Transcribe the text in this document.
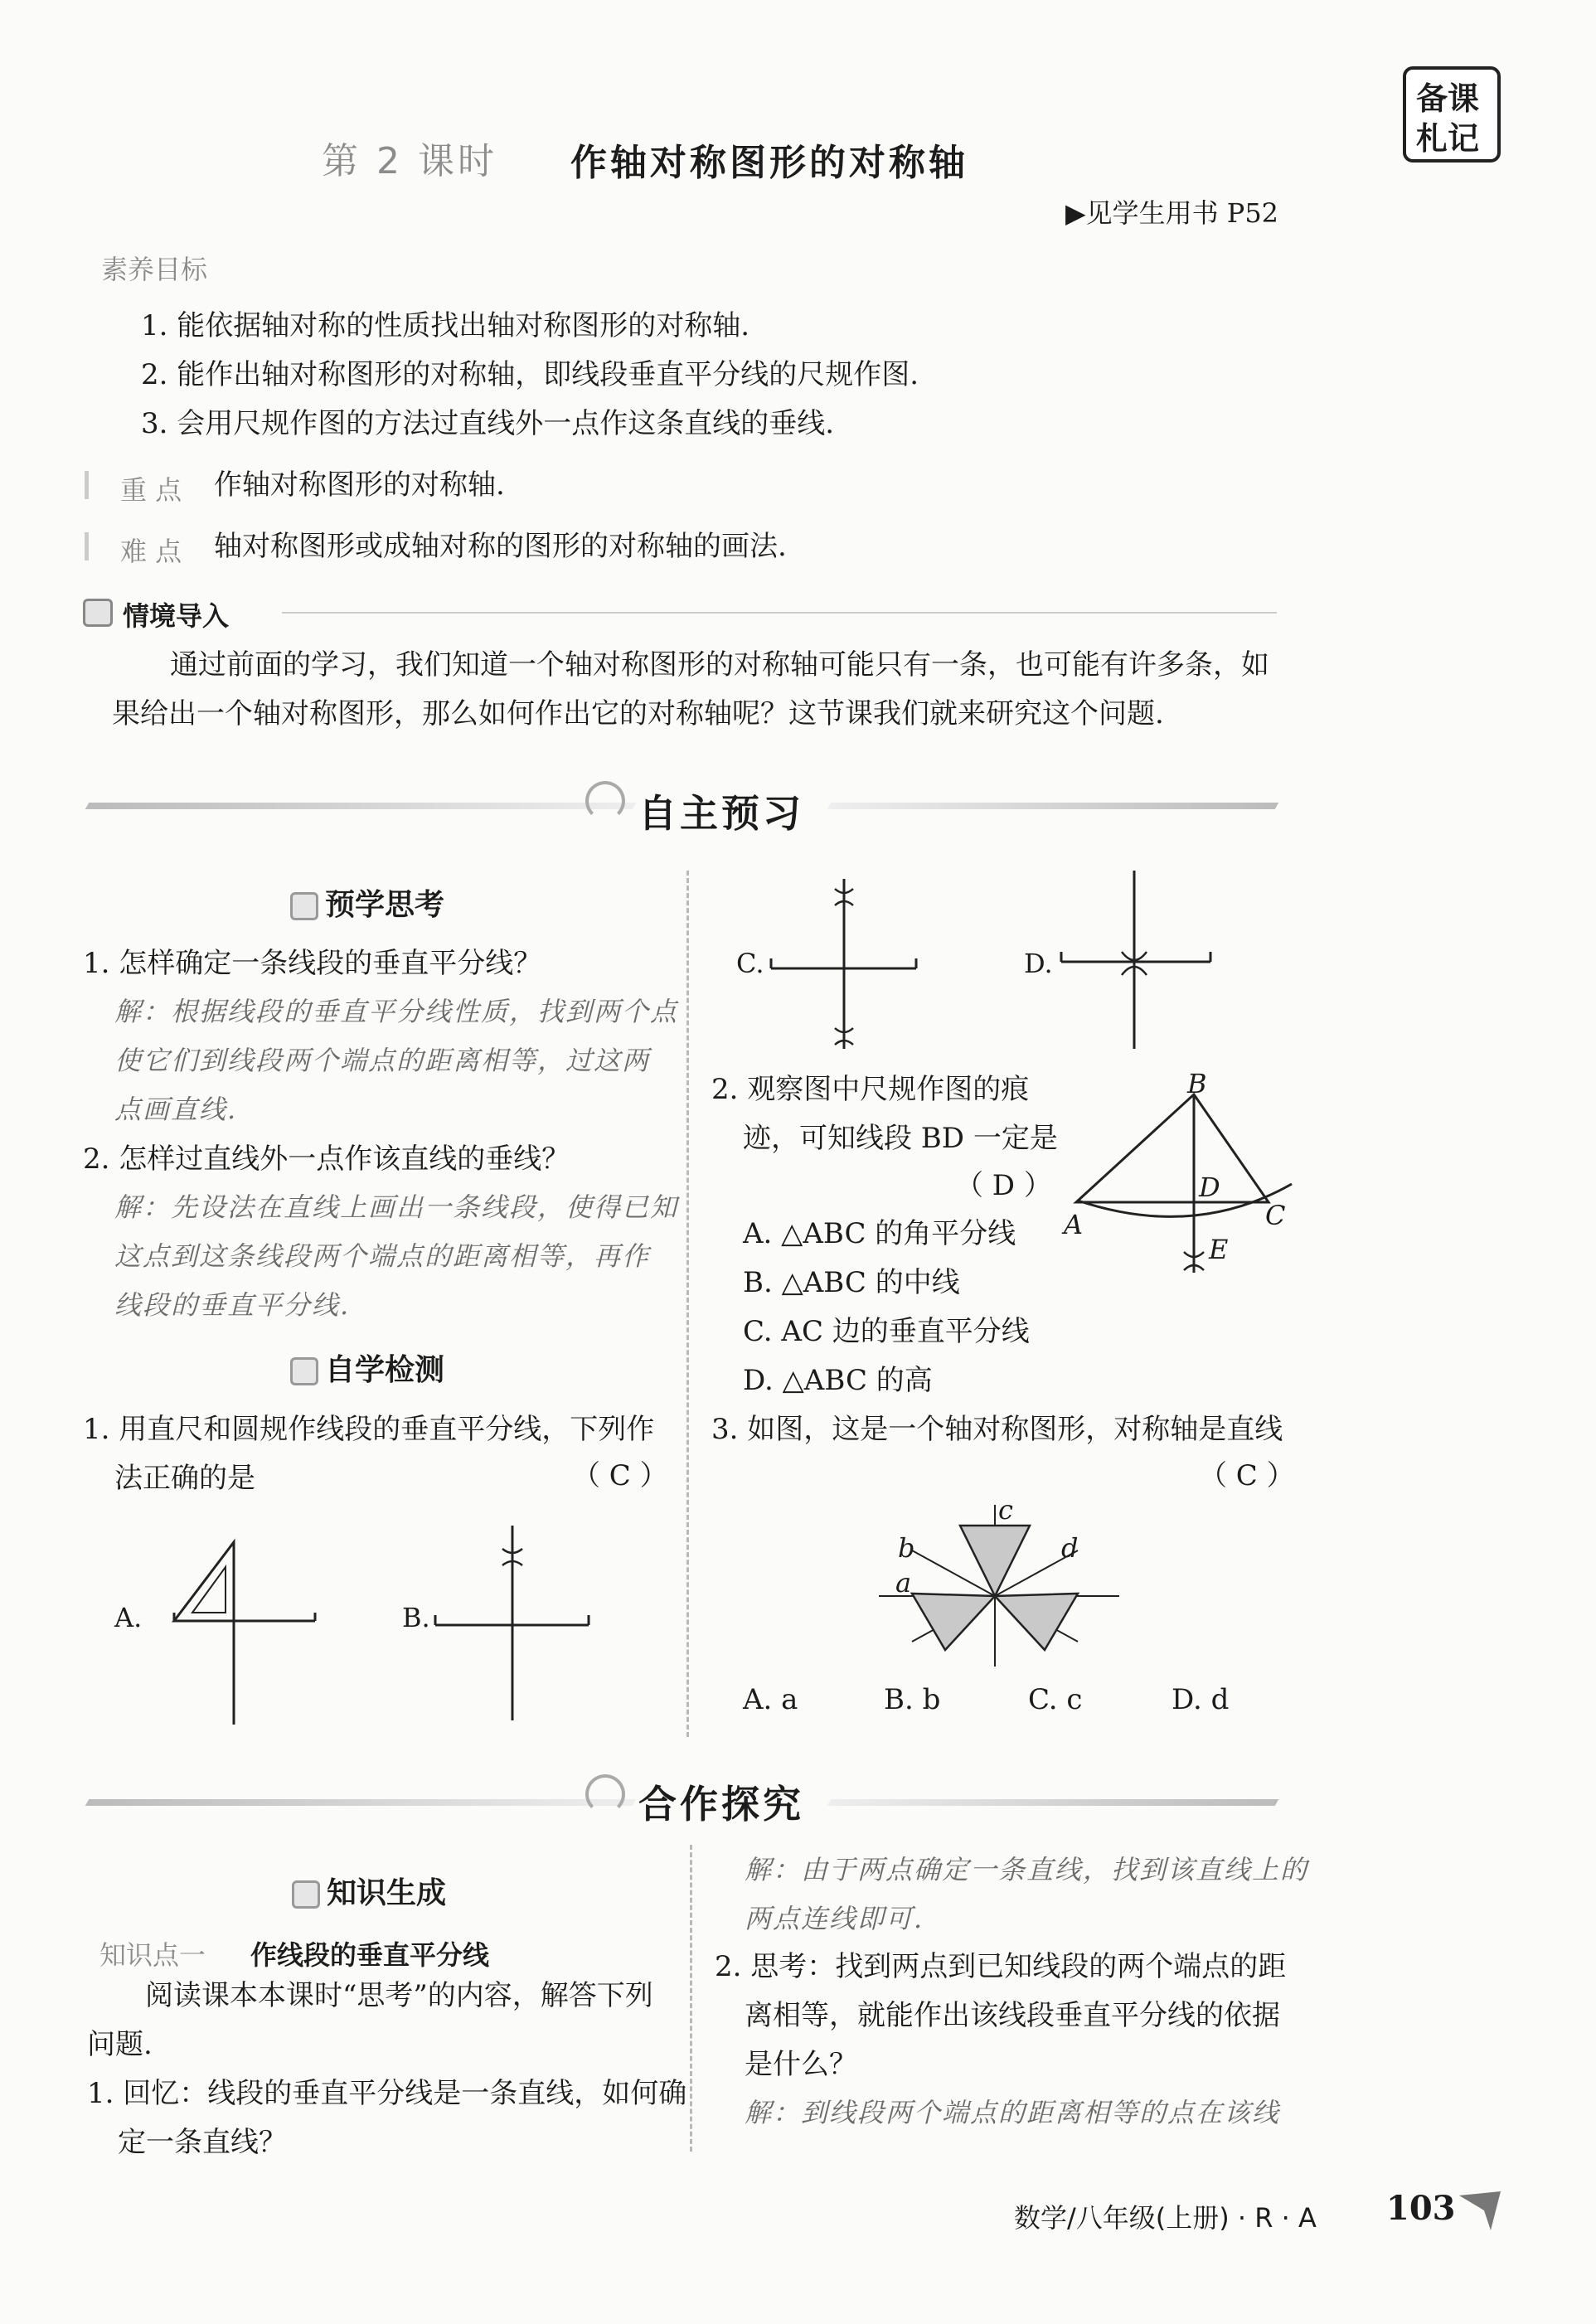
第 2 课时 作轴对称图形的对称轴
备课
札记
▶见学生用书 P52
素养目标
1. 能依据轴对称的性质找出轴对称图形的对称轴.
2. 能作出轴对称图形的对称轴，即线段垂直平分线的尺规作图.
3. 会用尺规作图的方法过直线外一点作这条直线的垂线.
重 点 作轴对称图形的对称轴.
难 点 轴对称图形或成轴对称的图形的对称轴的画法.
情境导入
通过前面的学习，我们知道一个轴对称图形的对称轴可能只有一条，也可能有许多条，如
果给出一个轴对称图形，那么如何作出它的对称轴呢？这节课我们就来研究这个问题.
自主预习
预学思考
1. 怎样确定一条线段的垂直平分线？
解：根据线段的垂直平分线性质，找到两个点
使它们到线段两个端点的距离相等，过这两
点画直线.
2. 怎样过直线外一点作该直线的垂线？
解：先设法在直线上画出一条线段，使得已知
这点到这条线段两个端点的距离相等，再作
线段的垂直平分线.
自学检测
1. 用直尺和圆规作线段的垂直平分线，下列作
法正确的是	（ C ）
A.	B.
C.	D.
2. 观察图中尺规作图的痕
迹，可知线段 BD 一定是
（ D ）
A. △ABC 的角平分线
B. △ABC 的中线
C. AC 边的垂直平分线
D. △ABC 的高
B
A	C
D
E
3. 如图，这是一个轴对称图形，对称轴是直线
（ C ）
c
b	d
a
A. a	B. b	C. c	D. d
合作探究
知识生成
知识点一 作线段的垂直平分线
阅读课本本课时“思考”的内容，解答下列
问题.
1. 回忆：线段的垂直平分线是一条直线，如何确
定一条直线？
解：由于两点确定一条直线，找到该直线上的
两点连线即可.
2. 思考：找到两点到已知线段的两个端点的距
离相等，就能作出该线段垂直平分线的依据
是什么？
解：到线段两个端点的距离相等的点在该线
数学/八年级(上册) · R · A 103
